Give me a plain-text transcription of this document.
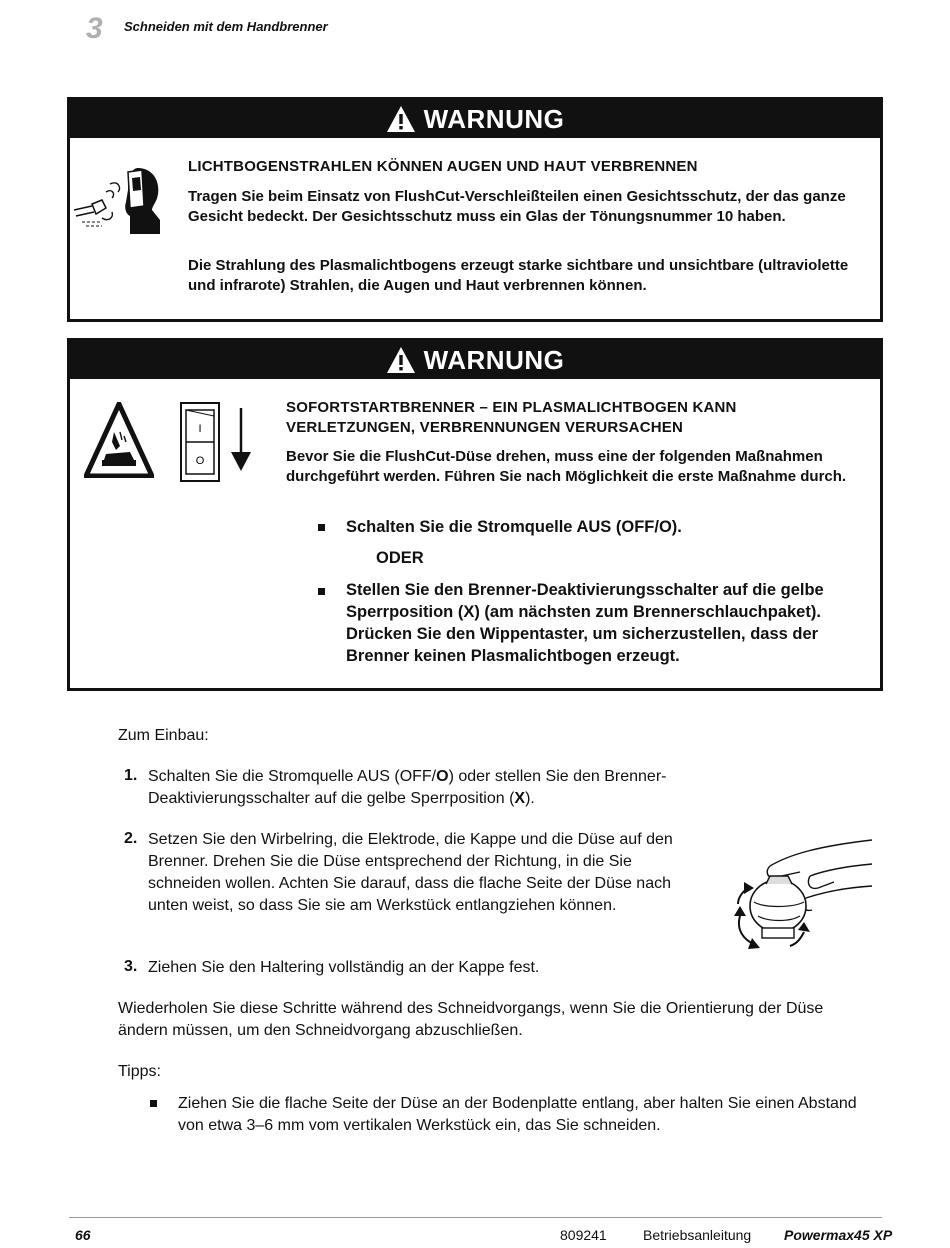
3 Schneiden mit dem Handbrenner
WARNUNG
LICHTBOGENSTRAHLEN KÖNNEN AUGEN UND HAUT VERBRENNEN
Tragen Sie beim Einsatz von FlushCut-Verschleißteilen einen Gesichtsschutz, der das ganze Gesicht bedeckt. Der Gesichtsschutz muss ein Glas der Tönungsnummer 10 haben.
Die Strahlung des Plasmalichtbogens erzeugt starke sichtbare und unsichtbare (ultraviolette und infrarote) Strahlen, die Augen und Haut verbrennen können.
WARNUNG
I
O
SOFORTSTARTBRENNER – EIN PLASMALICHTBOGEN KANN
VERLETZUNGEN, VERBRENNUNGEN VERURSACHEN
Bevor Sie die FlushCut-Düse drehen, muss eine der folgenden Maßnahmen durchgeführt werden. Führen Sie nach Möglichkeit die erste Maßnahme durch.
Schalten Sie die Stromquelle AUS (OFF/O).
ODER
Stellen Sie den Brenner-Deaktivierungsschalter auf die gelbe Sperrposition (X) (am nächsten zum Brennerschlauchpaket). Drücken Sie den Wippentaster, um sicherzustellen, dass der Brenner keinen Plasmalichtbogen erzeugt.
Zum Einbau:
1. Schalten Sie die Stromquelle AUS (OFF/O) oder stellen Sie den Brenner-Deaktivierungsschalter auf die gelbe Sperrposition (X).
2. Setzen Sie den Wirbelring, die Elektrode, die Kappe und die Düse auf den Brenner. Drehen Sie die Düse entsprechend der Richtung, in die Sie schneiden wollen. Achten Sie darauf, dass die flache Seite der Düse nach unten weist, so dass Sie sie am Werkstück entlangziehen können.
3. Ziehen Sie den Haltering vollständig an der Kappe fest.
Wiederholen Sie diese Schritte während des Schneidvorgangs, wenn Sie die Orientierung der Düse ändern müssen, um den Schneidvorgang abzuschließen.
Tipps:
Ziehen Sie die flache Seite der Düse an der Bodenplatte entlang, aber halten Sie einen Abstand von etwa 3–6 mm vom vertikalen Werkstück ein, das Sie schneiden.
66	809241	Betriebsanleitung Powermax45 XP
